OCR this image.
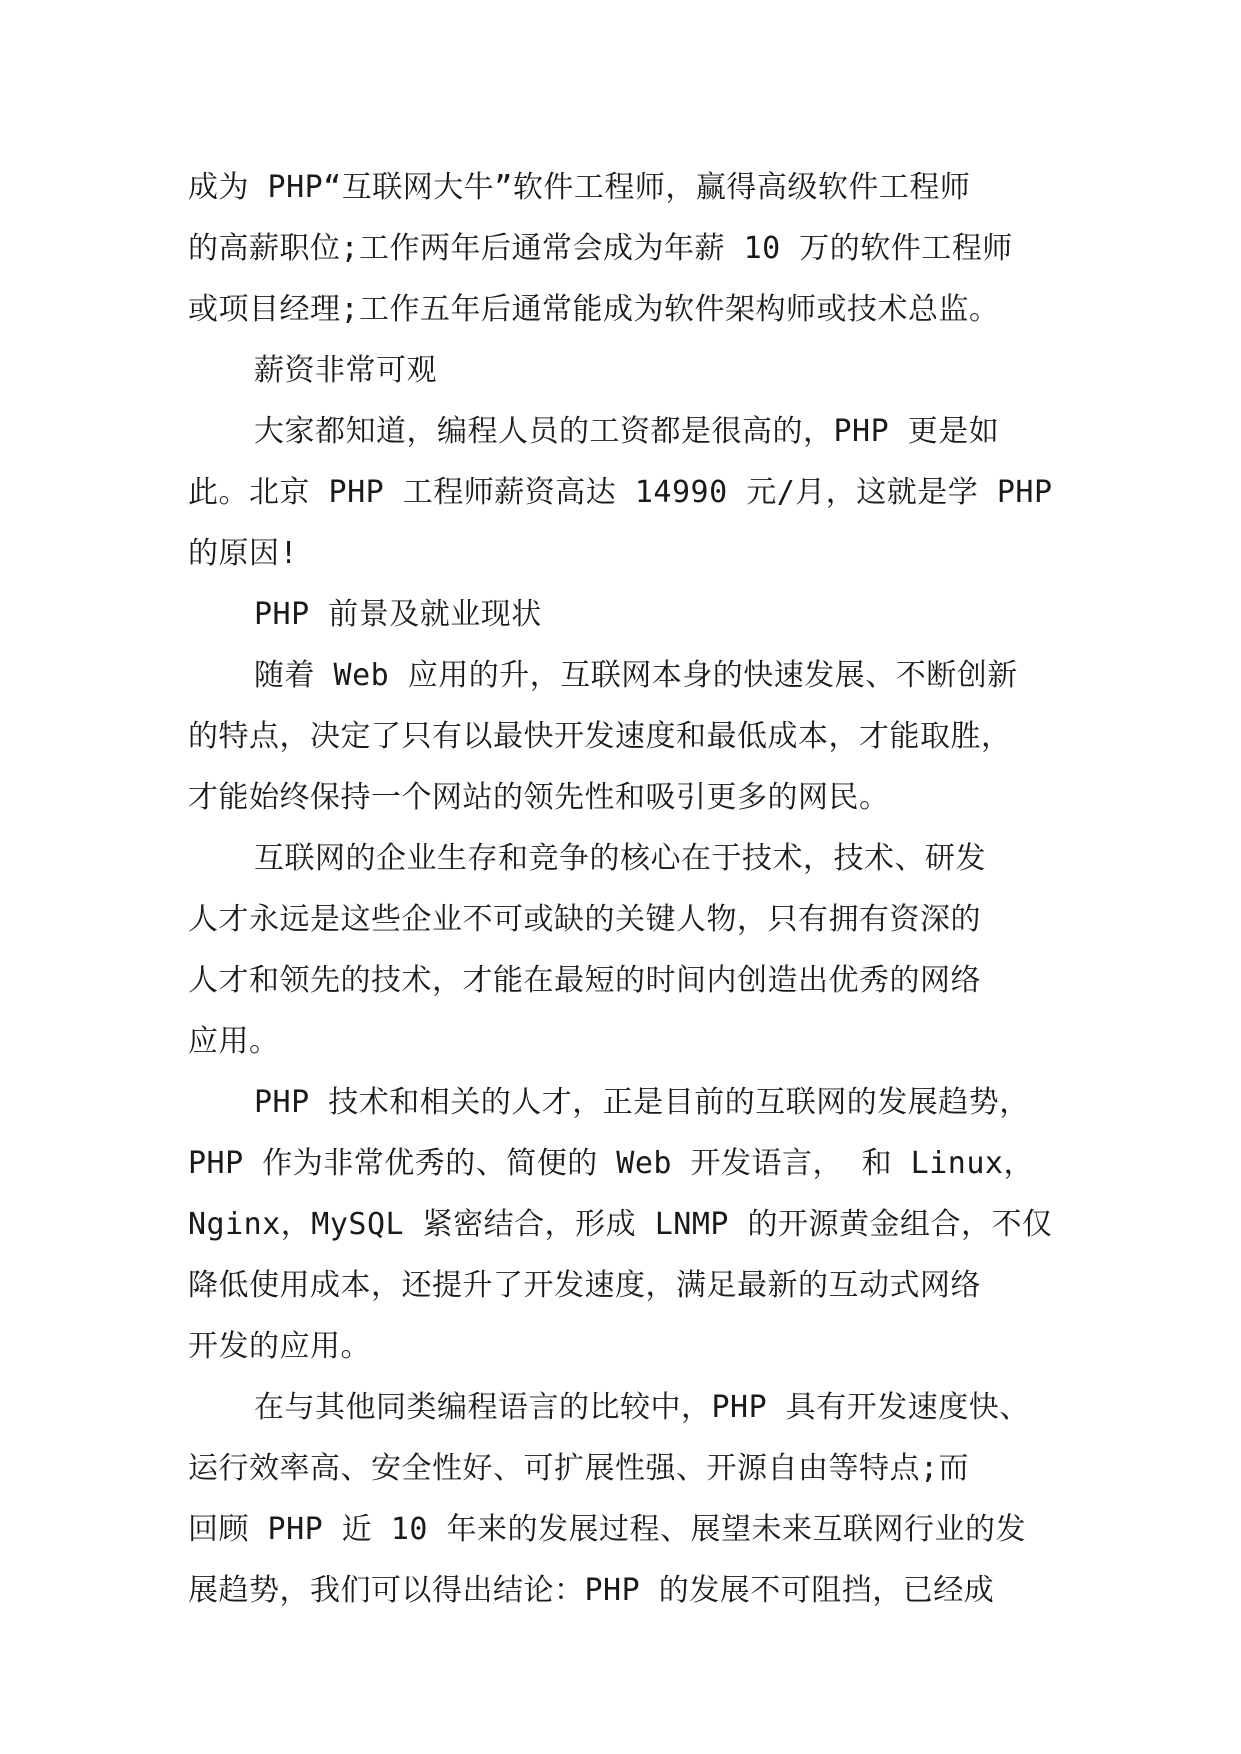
成为 PHP“互联网大牛”软件工程师，赢得高级软件工程师
的高薪职位;工作两年后通常会成为年薪 10 万的软件工程师
或项目经理;工作五年后通常能成为软件架构师或技术总监。
薪资非常可观
大家都知道，编程人员的工资都是很高的，PHP 更是如
此。北京 PHP 工程师薪资高达 14990 元/月，这就是学 PHP
的原因!
PHP 前景及就业现状
随着 Web 应用的升，互联网本身的快速发展、不断创新
的特点，决定了只有以最快开发速度和最低成本，才能取胜，
才能始终保持一个网站的领先性和吸引更多的网民。
互联网的企业生存和竞争的核心在于技术，技术、研发
人才永远是这些企业不可或缺的关键人物，只有拥有资深的
人才和领先的技术，才能在最短的时间内创造出优秀的网络
应用。
PHP 技术和相关的人才，正是目前的互联网的发展趋势，
PHP 作为非常优秀的、简便的 Web 开发语言， 和 Linux，
Nginx，MySQL 紧密结合，形成 LNMP 的开源黄金组合，不仅
降低使用成本，还提升了开发速度，满足最新的互动式网络
开发的应用。
在与其他同类编程语言的比较中，PHP 具有开发速度快、
运行效率高、安全性好、可扩展性强、开源自由等特点;而
回顾 PHP 近 10 年来的发展过程、展望未来互联网行业的发
展趋势，我们可以得出结论：PHP 的发展不可阻挡，已经成
